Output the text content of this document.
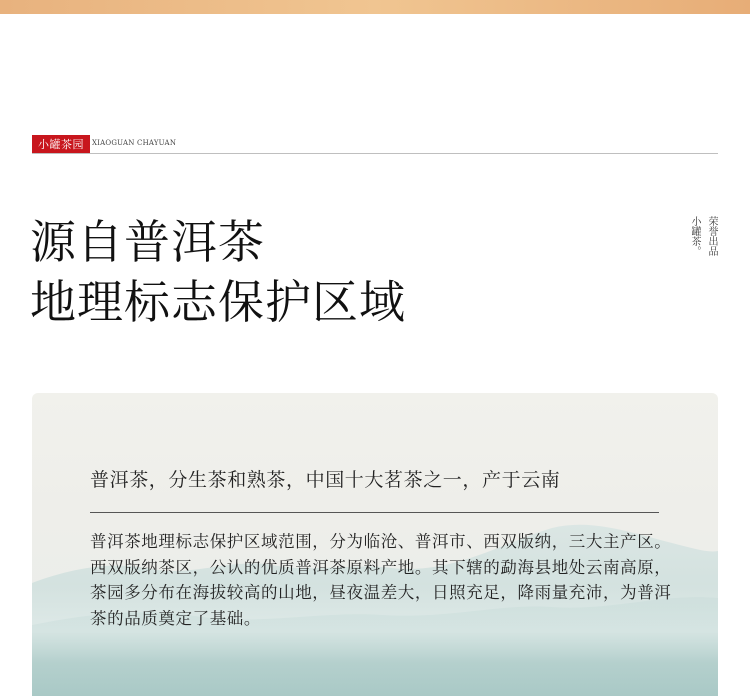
小罐茶园	XIAOGUAN CHAYUAN
源自普洱茶
地理标志保护区域
小罐茶。 荣誉出品
普洱茶，分生茶和熟茶，中国十大茗茶之一，产于云南

普洱茶地理标志保护区域范围，分为临沧、普洱市、西双版纳，三大主产区。

西双版纳茶区，公认的优质普洱茶原料产地。其下辖的勐海县地处云南高原，茶园多分布在海拔较高的山地，昼夜温差大，日照充足，降雨量充沛，为普洱茶的品质奠定了基础。
